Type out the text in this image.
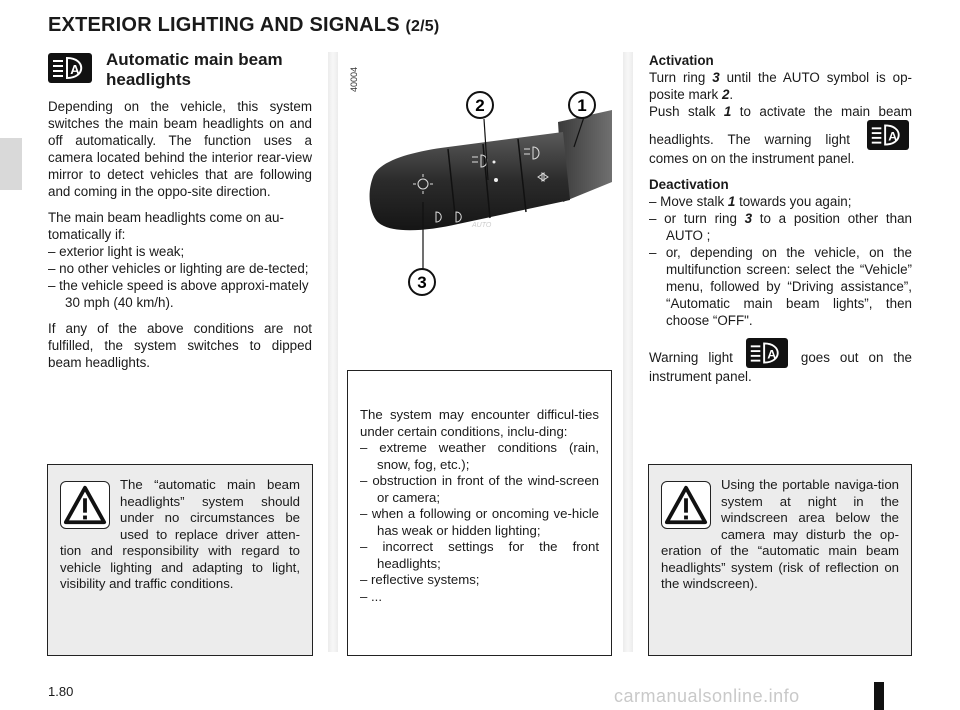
EXTERIOR LIGHTING AND SIGNALS (2/5)
A
Automatic main beam headlights

Depending on the vehicle, this system switches the main beam headlights on and off automatically. The function uses a camera located behind the interior rear-view mirror to detect vehicles that are following and coming in the oppo-site direction.

The main beam headlights come on au-tomatically if:

– exterior light is weak;
– no other vehicles or lighting are de-tected;
– the vehicle speed is above approxi-mately 30 mph (40 km/h).

If any of the above conditions are not fulfilled, the system switches to dipped beam headlights.

40004
AUTO
2	1
3
Activation
Turn ring 3 until the AUTO symbol is op-posite mark 2.
Push stalk 1 to activate the main beam headlights. The warning light	A
comes on on the instrument panel.
Deactivation
– Move stalk 1 towards you again;
– or turn ring 3 to a position other than AUTO ;
– or, depending on the vehicle, on the multifunction screen: select the “Vehicle” menu, followed by “Driving assistance”, “Automatic main beam lights”, then choose “OFF".
Warning light	A goes out on the instrument panel.
The “automatic main beam headlights” system should under no circumstances be used to replace driver atten-tion and responsibility with regard to vehicle lighting and adapting to light, visibility and traffic conditions.

The system may encounter difficul-ties under certain conditions, inclu-ding:

– extreme weather conditions (rain, snow, fog, etc.);
– obstruction in front of the wind-screen or camera;
– when a following or oncoming ve-hicle has weak or hidden lighting;
– incorrect settings for the front headlights;
– reflective systems;
– ...
Using the portable naviga-tion system at night in the windscreen area below the camera may disturb the op-eration of the “automatic main beam headlights” system (risk of reflection on the windscreen).
1.80	carmanualsonline.info
